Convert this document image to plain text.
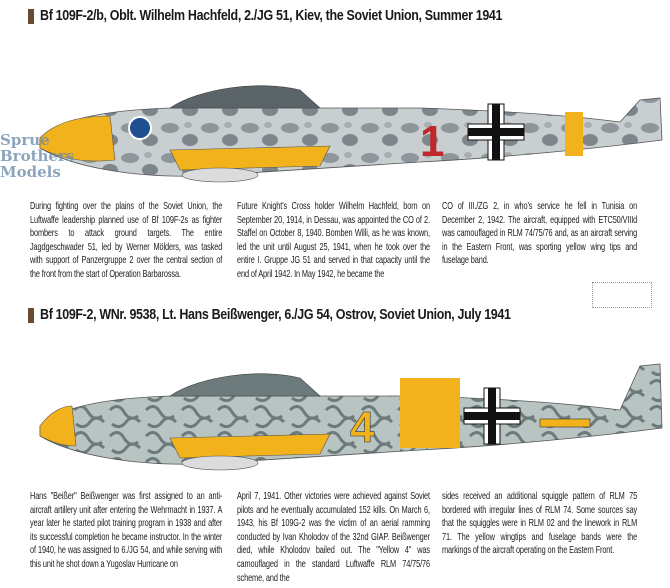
Bf 109F-2/b, Oblt. Wilhelm Hachfeld, 2./JG 51, Kiev, the Soviet Union, Summer 1941
1
During fighting over the plains of the Soviet Union, the Luftwaffe leadership planned use of Bf 109F-2s as fighter bombers to attack ground targets. The entire Jagdgeschwader 51, led by Werner Mölders, was tasked with support of Panzergruppe 2 over the central section of the front from the start of Operation Barbarossa.
Future Knight's Cross holder Wilhelm Hachfeld, born on September 20, 1914, in Dessau, was appointed the CO of 2. Staffel on October 8, 1940. Bomben Willi, as he was known, led the unit until August 25, 1941, when he took over the entire I. Gruppe JG 51 and served in that capacity until the end of April 1942. In May 1942, he became the
CO of III./ZG 2, in who's service he fell in Tunisia on December 2, 1942. The aircraft, equipped with ETC50/VIIId was camouflaged in RLM 74/75/76 and, as an aircraft serving in the Eastern Front, was sporting yellow wing tips and fuselage band.
Sprue
Brothers
Models
Bf 109F-2, WNr. 9538, Lt. Hans Beißwenger, 6./JG 54, Ostrov, Soviet Union, July 1941
4
Hans "Beißer" Beißwenger was first assigned to an anti-aircraft artillery unit after entering the Wehrmacht in 1937. A year later he started pilot training program in 1938 and after its successful completion he became instructor. In the winter of 1940, he was assigned to 6./JG 54, and while serving with this unit he shot down a Yugoslav Hurricane on
April 7, 1941. Other victories were achieved against Soviet pilots and he eventually accumulated 152 kills. On March 6, 1943, his Bf 109G-2 was the victim of an aerial ramming conducted by Ivan Kholodov of the 32nd GIAP. Beißwenger died, while Kholodov bailed out. The "Yellow 4" was camouflaged in the standard Luftwaffe RLM 74/75/76 scheme, and the
sides received an additional squiggle pattern of RLM 75 bordered with irregular lines of RLM 74. Some sources say that the squiggles were in RLM 02 and the linework in RLM 71. The yellow wingtips and fuselage bands were the markings of the aircraft operating on the Eastern Front.
